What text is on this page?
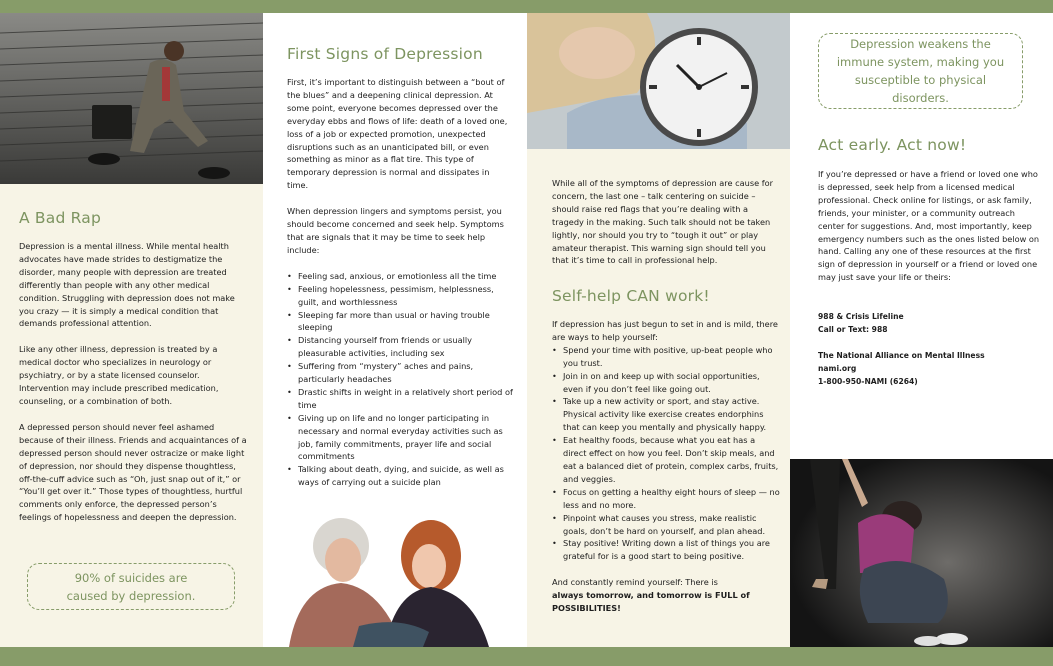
A Bad Rap

Depression is a mental illness. While mental health advocates have made strides to destigmatize the disorder, many people with depression are treated differently than people with any other medical condition. Struggling with depression does not make you crazy — it is simply a medical condition that demands professional attention.

Like any other illness, depression is treated by a medical doctor who specializes in neurology or psychiatry, or by a state licensed counselor. Intervention may include prescribed medication, counseling, or a combination of both.

A depressed person should never feel ashamed because of their illness. Friends and acquaintances of a depressed person should never ostracize or make light of depression, nor should they dispense thoughtless, off-the-cuff advice such as “Oh, just snap out of it,” or “You’ll get over it.” Those types of thoughtless, hurtful comments only enforce, the depressed person’s feelings of hopelessness and deepen the depression.

90% of suicides are
caused by depression.
First Signs of Depression

First, it’s important to distinguish between a “bout of the blues” and a deepening clinical depression. At some point, everyone becomes depressed over the everyday ebbs and flows of life: death of a loved one, loss of a job or expected promotion, unexpected disruptions such as an unanticipated bill, or even something as minor as a flat tire. This type of temporary depression is normal and dissipates in time.

When depression lingers and symptoms persist, you should become concerned and seek help. Symptoms that are signals that it may be time to seek help include:

• Feeling sad, anxious, or emotionless all the time
• Feeling hopelessness, pessimism, helplessness, guilt, and worthlessness
• Sleeping far more than usual or having trouble sleeping
• Distancing yourself from friends or usually pleasurable activities, including sex
• Suffering from “mystery” aches and pains, particularly headaches
• Drastic shifts in weight in a relatively short period of time
• Giving up on life and no longer participating in necessary and normal everyday activities such as job, family commitments, prayer life and social commitments
• Talking about death, dying, and suicide, as well as ways of carrying out a suicide plan
While all of the symptoms of depression are cause for concern, the last one – talk centering on suicide – should raise red flags that you’re dealing with a tragedy in the making. Such talk should not be taken lightly, nor should you try to “tough it out” or play amateur therapist. This warning sign should tell you that it’s time to call in professional help.
Self-help CAN work!

If depression has just begun to set in and is mild, there are ways to help yourself:

• Spend your time with positive, up-beat people who you trust.
• Join in on and keep up with social opportunities, even if you don’t feel like going out.
• Take up a new activity or sport, and stay active. Physical activity like exercise creates endorphins that can keep you mentally and physically happy.
• Eat healthy foods, because what you eat has a direct effect on how you feel. Don’t skip meals, and eat a balanced diet of protein, complex carbs, fruits, and veggies.
• Focus on getting a healthy eight hours of sleep — no less and no more.
• Pinpoint what causes you stress, make realistic goals, don’t be hard on yourself, and plan ahead.
• Stay positive! Writing down a list of things you are grateful for is a good start to being positive.

And constantly remind yourself: There is

always tomorrow, and tomorrow is FULL of POSSIBILITIES!

Depression weakens the immune system, making you susceptible to physical disorders.
Act early. Act now!
If you’re depressed or have a friend or loved one who is depressed, seek help from a licensed medical professional. Check online for listings, or ask family, friends, your minister, or a community outreach center for suggestions. And, most importantly, keep emergency numbers such as the ones listed below on hand. Calling any one of these resources at the first sign of depression in yourself or a friend or loved one may just save your life or theirs:
988 & Crisis Lifeline
Call or Text: 988
The National Alliance on Mental Illness
nami.org
1-800-950-NAMI (6264)
